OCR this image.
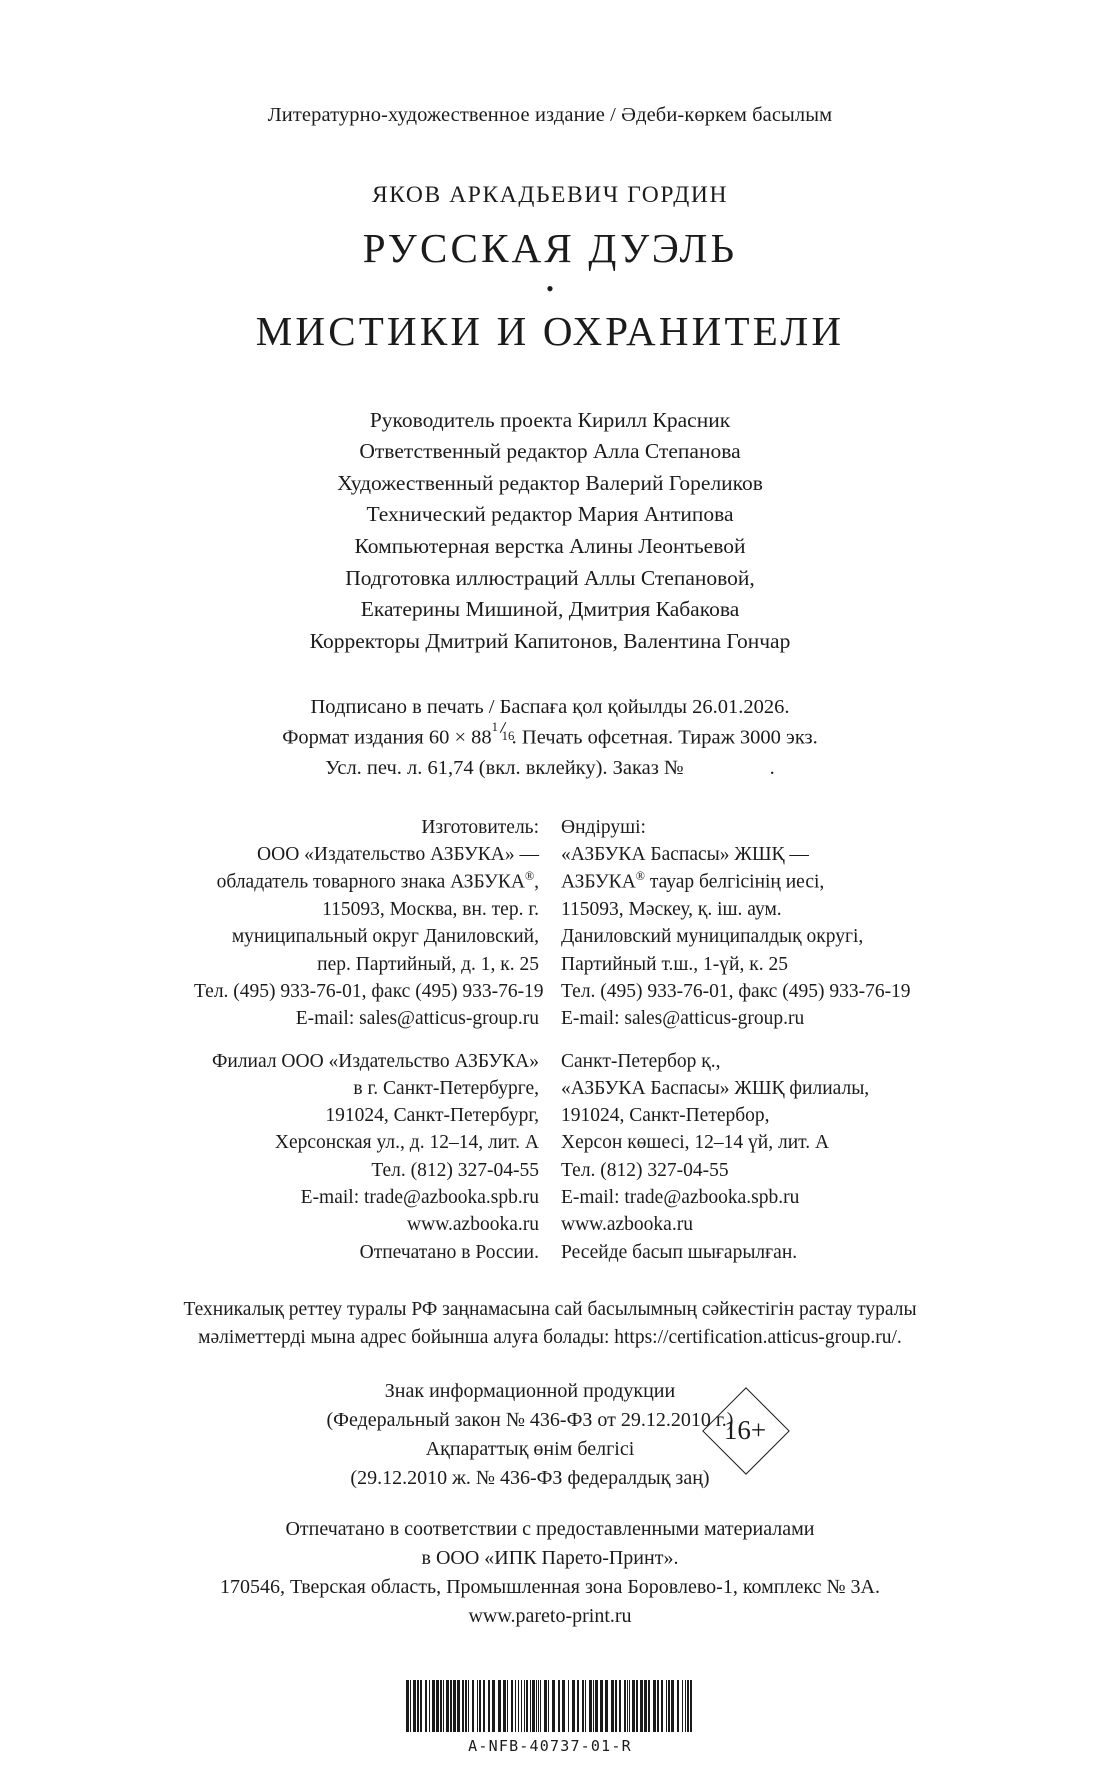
Литературно-художественное издание / Әдеби-көркем басылым
ЯКОВ АРКАДЬЕВИЧ ГОРДИН
РУССКАЯ ДУЭЛЬ
•
МИСТИКИ И ОХРАНИТЕЛИ
Руководитель проекта Кирилл Красник
Ответственный редактор Алла Степанова
Художественный редактор Валерий Гореликов
Технический редактор Мария Антипова
Компьютерная верстка Алины Леонтьевой
Подготовка иллюстраций Аллы Степановой,
Екатерины Мишиной, Дмитрия Кабакова
Корректоры Дмитрий Капитонов, Валентина Гончар
Подписано в печать / Баспаға қол қойылды 26.01.2026.
Формат издания 60 × 88 1
16
. Печать офсетная. Тираж 3000 экз.
Усл. печ. л. 61,74 (вкл. вклейку). Заказ №	.
Изготовитель:
ООО «Издательство АЗБУКА» —
обладатель товарного знака АЗБУКА®,
115093, Москва, вн. тер. г.
муниципальный округ Даниловский,
пер. Партийный, д. 1, к. 25
Тел. (495) 933-76-01, факс (495) 933-76-19
E-mail: sales@atticus-group.ru
Филиал ООО «Издательство АЗБУКА»
в г. Санкт-Петербурге,
191024, Санкт-Петербург,
Херсонская ул., д. 12–14, лит. А
Тел. (812) 327-04-55
E-mail: trade@azbooka.spb.ru
www.azbooka.ru
Отпечатано в России.
Өндіруші:
«АЗБУКА Баспасы» ЖШҚ —
АЗБУКА® тауар белгісінің иесі,
115093, Мәскеу, қ. іш. аум.
Даниловский муниципалдық округі,
Партийный т.ш., 1-үй, к. 25
Тел. (495) 933-76-01, факс (495) 933-76-19
E-mail: sales@atticus-group.ru
Санкт-Петербор қ.,
«АЗБУКА Баспасы» ЖШҚ филиалы,
191024, Санкт-Петербор,
Херсон көшесі, 12–14 үй, лит. А
Тел. (812) 327-04-55
E-mail: trade@azbooka.spb.ru
www.azbooka.ru
Ресейде басып шығарылған.
Техникалық реттеу туралы РФ заңнамасына сай басылымның сәйкестігін растау туралы
мәліметтерді мына адрес бойынша алуға болады: https://certification.atticus-group.ru/.
Знак информационной продукции
(Федеральный закон № 436-ФЗ от 29.12.2010 г.)
Ақпараттық өнім белгісі
(29.12.2010 ж. № 436-ФЗ федералдық заң)
16+
Отпечатано в соответствии с предоставленными материалами
в ООО «ИПК Парето-Принт».
170546, Тверская область, Промышленная зона Боровлево-1, комплекс № 3А.
www.pareto-print.ru
A-NFB-40737-01-R
